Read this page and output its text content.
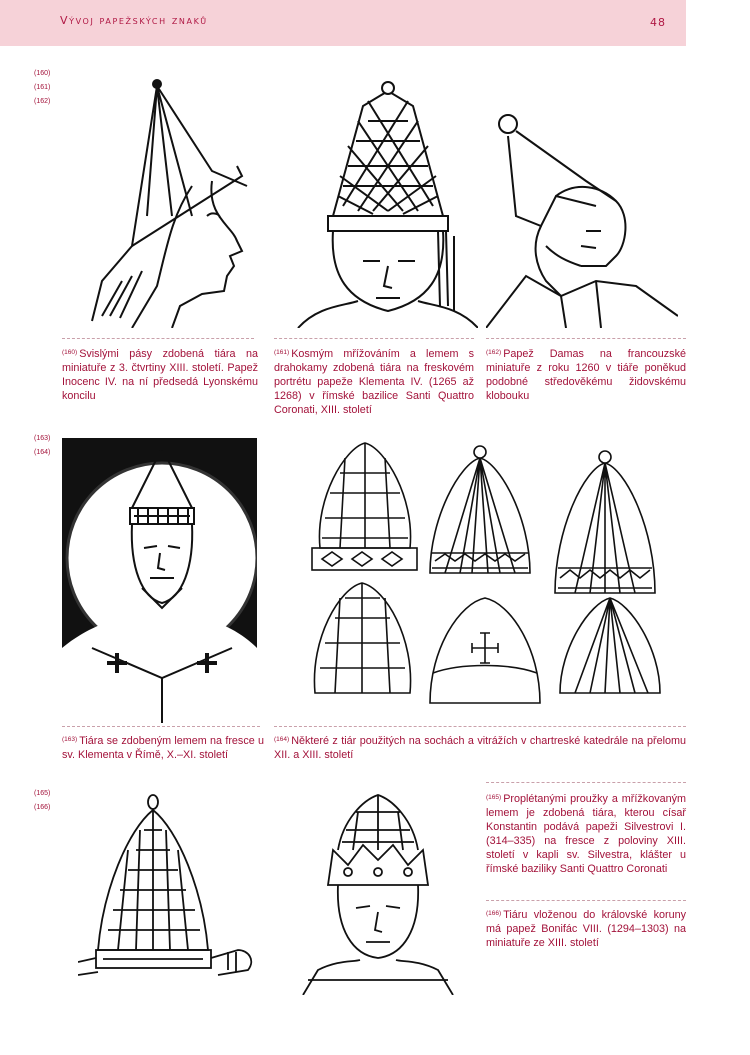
Vývoj papežských znaků	48
(160)
(161)
(162)
(163)
(164)
(165)
(166)
$^{(160)}$ Svislými pásy zdobená tiára na miniatuře z 3. čtvrtiny XIII. století. Papež Inocenc IV. na ní předsedá Lyonskému koncilu
$^{(161)}$ Kosmým mřížováním a lemem s drahokamy zdobená tiára na freskovém portrétu papeže Klementa IV. (1265 až 1268) v římské bazilice Santi Quattro Coronati, XIII. století
$^{(162)}$ Papež Damas na francouzské miniatuře z roku 1260 v tiáře poněkud podobné středověkému židovskému klobouku
$^{(163)}$ Tiára se zdobeným lemem na fresce u sv. Klementa v Římě, X.–XI. století
$^{(164)}$ Některé z tiár použitých na sochách a vitrážích v chartreské katedrále na přelomu XII. a XIII. století
$^{(165)}$ Proplétanými proužky a mřížkovaným lemem je zdobená tiára, kterou císař Konstantin podává papeži Silvestrovi I. (314–335) na fresce z poloviny XIII. století v kapli sv. Silvestra, klášter u římské baziliky Santi Quattro Coronati
$^{(166)}$ Tiáru vloženou do královské koruny má papež Bonifác VIII. (1294–1303) na miniatuře ze XIII. století
